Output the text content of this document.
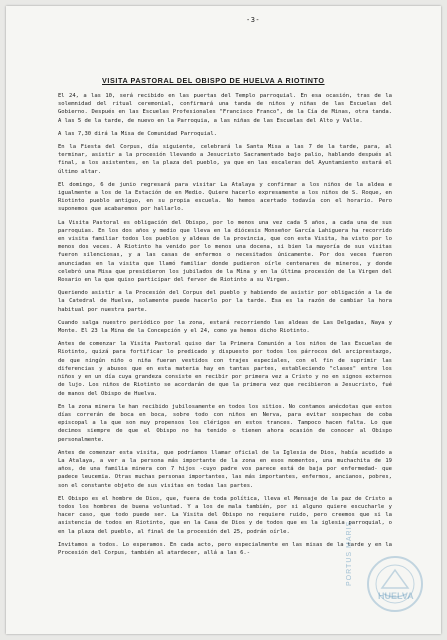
-3-
VISITA PASTORAL DEL OBISPO DE HUELVA A RIOTINTO

El 24, a las 10, será recibido en las puertas del Templo parroquial. En esa ocasión, tras de la solemnidad del ritual ceremonial, confirmará una tanda de niños y niñas de las Escuelas del Gobierno. Después en las Escuelas Profesionales "Francisco Franco", de la Cía de Minas, otra tanda. A las 5 de la tarde, de nuevo en la Parroquia, a las niñas de las Escuelas del Alto y Valle.

A las 7,30 dirá la Misa de Comunidad Parroquial.

En la Fiesta del Corpus, día siguiente, celebrará la Santa Misa a las 7 de la tarde, para, al terminar, asistir a la procesión llevando a Jesucristo Sacramentado bajo palio, hablando después al final, a los asistentes, en la plaza del pueblo, ya que en las escaleras del Ayuntamiento estará el último altar.

El domingo, 6 de junio regresará para visitar La Atalaya y confirmar a los niños de la aldea e igualmente a los de la Estación de en Medio. Quiere hacerlo expresamente a los niños de S. Roque, en Riotinto pueblo antiguo, en su propia escuela. No hemos acertado todavía con el horario. Pero suponemos que acabaremos por hallarlo.

La Visita Pastoral es obligación del Obispo, por lo menos una vez cada 5 años, a cada una de sus parroquias. En los dos años y medio que lleva en la diócesis Monseñor García Lahiguera ha recorrido en visita familiar todos los pueblos y aldeas de la provincia, que con esta Visita, ha visto por lo menos dos veces. A Riotinto ha venido por lo menos una docena, si bien la mayoría de sus visitas fueron silenciosas, y a las casas de enfermos o necesitados únicamente. Por dos veces fueron anunciadas en la visita que llamó familiar donde pudieron oírle centenares de mineros, y donde celebró una Misa que presidieron los jubilados de la Mina y en la última procesión de la Virgen del Rosario en la que quiso participar del fervor de Riotinto a su Virgen.

Queriendo asistir a la Procesión del Corpus del pueblo y habiendo de asistir por obligación a la de la Catedral de Huelva, solamente puede hacerlo por la tarde. Esa es la razón de cambiar la hora habitual por nuestra parte.

Cuando salga nuestro periódico por la zona, estará recorriendo las aldeas de Las Delgadas, Naya y Monte. El 23 la Mina de la Concepción y el 24, como ya hemos dicho Riotinto.

Antes de comenzar la Visita Pastoral quiso dar la Primera Comunión a los niños de las Escuelas de Riotinto, quizá para fortificar lo predicado y dispuesto por todos los párrocos del arciprestazgo, de que ningún niño o niña fueran vestidos con trajes especiales, con el fin de suprimir las diferencias y abusos que en esta materia hay en tantas partes, estableciendo "clases" entre los niños y en un día cuya grandeza consiste en recibir por primera vez a Cristo y no en signos externos de lujo. Los niños de Riotinto se acordarán de que la primera vez que recibieron a Jesucristo, fué de manos del Obispo de Huelva.

En la zona minera le han recibido jubilosamente en todos los sitios. No contamos anécdotas que estos días correrán de boca en boca, sobre todo con niños en Nerva, para evitar sospechas de coba episcopal a la que son muy propensos los clérigos en estos trances. Tampoco hacen falta. Lo que decimos siempre de que el Obispo no ha tenido o tienen ahora ocasión de conocer al Obispo personalmente.

Antes de comenzar esta visita, que podríamos llamar oficial de la Iglesia de Dios, había acudido a La Atalaya, a ver a la persona más importante de la zona en esos momentos, una muchachita de 19 años, de una familia minera con 7 hijos -cuyo padre vos parece está de baja por enfermedad- que padece leucemia. Otras muchas personas importantes, las más importantes, enfermos, ancianos, pobres, son el constante objeto de sus visitas en todas las partes.

El Obispo es el hombre de Dios, que, fuera de toda política, lleva el Mensaje de la paz de Cristo a todos los hombres de buena voluntad. Y a los de mala también, por si alguno quiere escucharle y hacer caso, que todo puede ser. La Visita del Obispo no requiere ruido, pero creemos que si la asistencia de todos en Riotinto, que en la Casa de Dios y de todos que es la iglesia parroquial, o en la plaza del pueblo, al final de la procesión del 25, podrán oírle.

Invitamos a todos. Lo esperamos. En cada acto, pero especialmente en las misas de la tarde y en la Procesión del Corpus, también al atardecer, allá a las 6.-	PORTUS MARIS
HUELVA
